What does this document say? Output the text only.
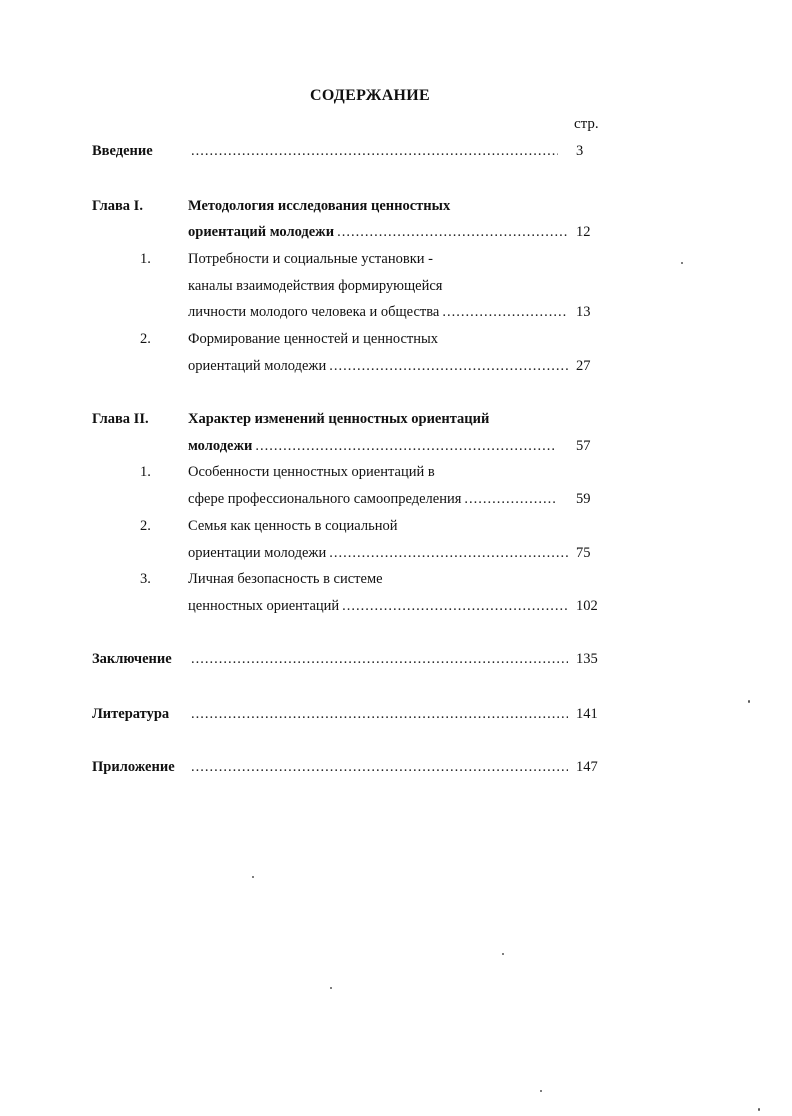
СОДЕРЖАНИЕ
стр.
Введение .....	3
Глава I.	Методология исследования ценностных
ориентаций молодежи .....	12
1.	Потребности и социальные установки -
каналы взаимодействия формирующейся
личности молодого человека и общества .....	13
2.	Формирование ценностей и ценностных
ориентаций молодежи .....	27
Глава II.	Характер изменений ценностных ориентаций
молодежи .....	57
1.	Особенности ценностных ориентаций в
сфере профессионального самоопределения .....	59
2.	Семья как ценность в социальной
ориентации молодежи .....	75
3.	Личная безопасность в системе
ценностных ориентаций .....	102
Заключение .....	135
Литература .....	141
Приложение .....	147
